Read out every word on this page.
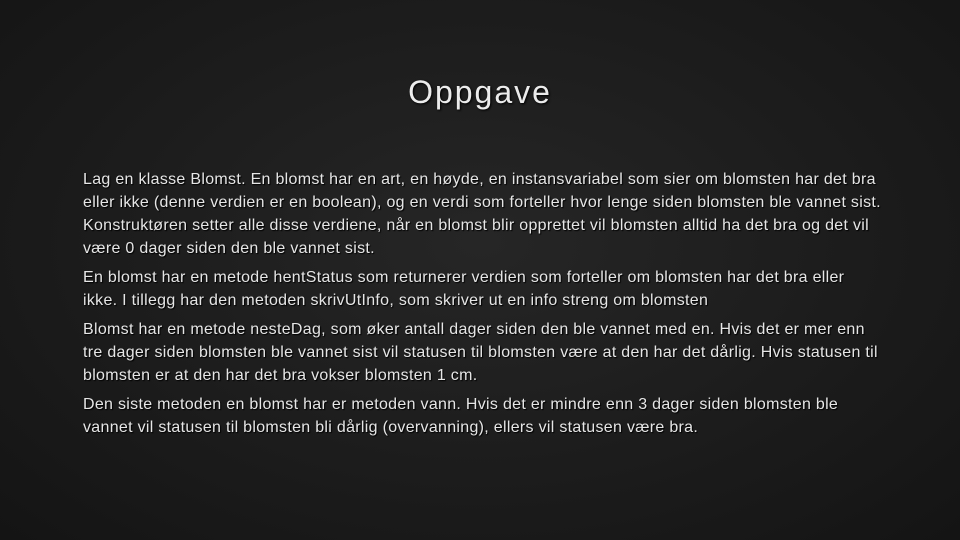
Oppgave

Lag en klasse Blomst. En blomst har en art, en høyde, en instansvariabel som sier om blomsten har det bra eller ikke (denne verdien er en boolean), og en verdi som forteller hvor lenge siden blomsten ble vannet sist. Konstruktøren setter alle disse verdiene, når en blomst blir opprettet vil blomsten alltid ha det bra og det vil være 0 dager siden den ble vannet sist.

En blomst har en metode hentStatus som returnerer verdien som forteller om blomsten har det bra eller ikke. I tillegg har den metoden skrivUtInfo, som skriver ut en info streng om blomsten

Blomst har en metode nesteDag, som øker antall dager siden den ble vannet med en. Hvis det er mer enn tre dager siden blomsten ble vannet sist vil statusen til blomsten være at den har det dårlig. Hvis statusen til blomsten er at den har det bra vokser blomsten 1 cm.

Den siste metoden en blomst har er metoden vann. Hvis det er mindre enn 3 dager siden blomsten ble vannet vil statusen til blomsten bli dårlig (overvanning), ellers vil statusen være bra.
